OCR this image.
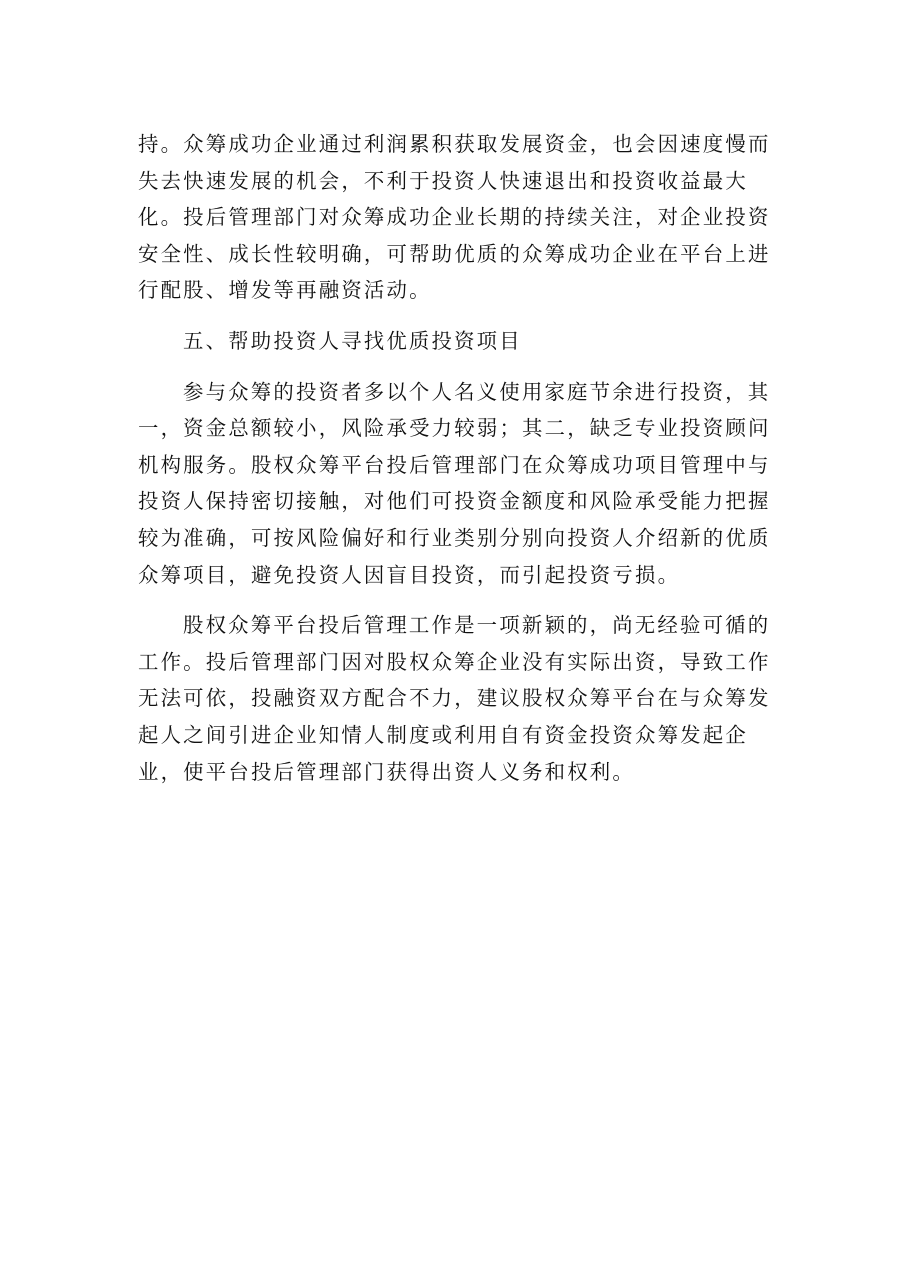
持。众筹成功企业通过利润累积获取发展资金，也会因速度慢而失去快速发展的机会，不利于投资人快速退出和投资收益最大化。投后管理部门对众筹成功企业长期的持续关注，对企业投资安全性、成长性较明确，可帮助优质的众筹成功企业在平台上进行配股、增发等再融资活动。

五、帮助投资人寻找优质投资项目

参与众筹的投资者多以个人名义使用家庭节余进行投资，其一，资金总额较小，风险承受力较弱；其二，缺乏专业投资顾问机构服务。股权众筹平台投后管理部门在众筹成功项目管理中与投资人保持密切接触，对他们可投资金额度和风险承受能力把握较为准确，可按风险偏好和行业类别分别向投资人介绍新的优质众筹项目，避免投资人因盲目投资，而引起投资亏损。

股权众筹平台投后管理工作是一项新颖的，尚无经验可循的工作。投后管理部门因对股权众筹企业没有实际出资，导致工作无法可依，投融资双方配合不力，建议股权众筹平台在与众筹发起人之间引进企业知情人制度或利用自有资金投资众筹发起企业，使平台投后管理部门获得出资人义务和权利。
